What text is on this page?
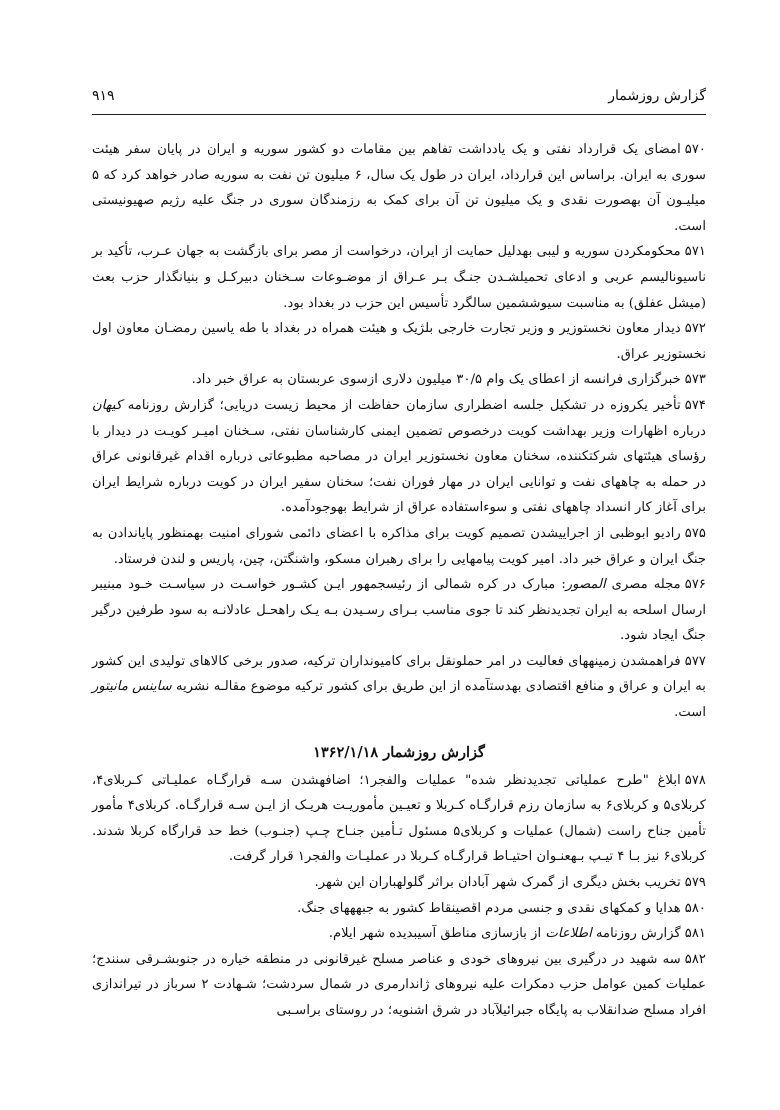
گزارش روزشمار
۹۱۹

۵۷۰امضای یک قرارداد نفتی و یک یادداشت تفاهم بین مقامات دو کشور سوریه و ایران در پایان سفر هیئت سوری به ایران. براساس این قرارداد، ایران در طول یک سال، ۶ میلیون تن نفت به سوریه صادر خواهد کرد که ۵ میلیـون آن بهصورت نقدی و یک میلیون تن آن برای کمک به رزمندگان سوری در جنگ علیه رژیم صهیونیستی است.

۵۷۱محکومکردن سوریه و لیبی بهدلیل حمایت از ایران، درخواست از مصر برای بازگشت به جهان عـرب، تأکید بر ناسیونالیسم عربی و ادعای تحمیلشـدن جنـگ بـر عـراق از موضـوعات سـخنان دبیرکـل و بنیانگذار حزب بعث (میشل عفلق) به مناسبت سیوششمین سالگرد تأسیس این حزب در بغداد بود.

۵۷۲دیدار معاون نخستوزیر و وزیر تجارت خارجی بلژیک و هیئت همراه در بغداد با طه یاسین رمضـان معاون اول نخستوزیر عراق.

۵۷۳خبرگزاری فرانسه از اعطای یک وام ۳۰/۵ میلیون دلاری ازسوی عربستان به عراق خبر داد.

۵۷۴تأخیر یکروزه در تشکیل جلسه اضطراری سازمان حفاظت از محیط زیست دریایی؛ گزارش روزنامه کیهان درباره اظهارات وزیر بهداشت کویت درخصوص تضمین ایمنی کارشناسان نفتی، سـخنان امیـر کویـت در دیدار با رؤسای هیئتهای شرکتکننده، سخنان معاون نخستوزیر ایران در مصاحبه مطبوعاتی درباره اقدام غیرقانونی عراق در حمله به چاههای نفت و توانایی ایران در مهار فوران نفت؛ سخنان سفیر ایران در کویت درباره شرایط ایران برای آغاز کار انسداد چاههای نفتی و سوءاستفاده عراق از شرایط بهوجودآمده.

۵۷۵رادیو ابوظبی از اجراییشدن تصمیم کویت برای مذاکره با اعضای دائمی شورای امنیت بهمنظور پایاندادن به جنگ ایران و عراق خبر داد. امیر کویت پیامهایی را برای رهبران مسکو، واشنگتن، چین، پاریس و لندن فرستاد.

۵۷۶مجله مصری المصور: مبارک در کره شمالی از رئیسجمهور ایـن کشـور خواسـت در سیاسـت خـود مبنیبر ارسال اسلحه به ایران تجدیدنظر کند تا جوی مناسب بـرای رسـیدن بـه یـک راهحـل عادلانـه به سود طرفین درگیر جنگ ایجاد شود.

۵۷۷فراهمشدن زمینههای فعالیت در امر حملونقل برای کامیونداران ترکیه، صدور برخی کالاهای تولیدی این کشور به ایران و عراق و منافع اقتصادی بهدستآمده از این طریق برای کشور ترکیه موضوع مقالـه نشریه ساینس مانیتور است.

گزارش روزشمار ۱۳۶۲/۱/۱۸

۵۷۸ابلاغ "طرح عملیاتی تجدیدنظر شده" عملیات والفجر۱؛ اضافهشدن سـه قرارگـاه عملیـاتی کـربلای۴، کربلای۵ و کربلای۶ به سازمان رزم قرارگـاه کـربلا و تعیـین مأموریـت هریـک از ایـن سـه قرارگـاه. کربلای۴ مأمور تأمین جناح راست (شمال) عملیات و کربلای۵ مسئول تـأمین جنـاح چـپ (جنـوب) خط حد قرارگاه کربلا شدند. کربلای۶ نیز بـا ۴ تیـپ بـهعنـوان احتیـاط قرارگـاه کـربلا در عملیـات والفجر۱ قرار گرفت.

۵۷۹تخریب بخش دیگری از گمرک شهر آبادان براثر گلولهباران این شهر.

۵۸۰هدایا و کمکهای نقدی و جنسی مردم اقصینقاط کشور به جبهههای جنگ.

۵۸۱گزارش روزنامه اطلاعات از بازسازی مناطق آسیبدیده شهر ایلام.

۵۸۲سه شهید در درگیری بین نیروهای خودی و عناصر مسلح غیرقانونی در منطقه خیاره در جنوبشـرقی سنندج؛ عملیات کمین عوامل حزب دمکرات علیه نیروهای ژاندارمری در شمال سردشت؛ شـهادت ۲ سرباز در تیراندازی افراد مسلح ضدانقلاب به پایگاه جبرائیلآباد در شرق اشنویه؛ در روستای براسـبی
